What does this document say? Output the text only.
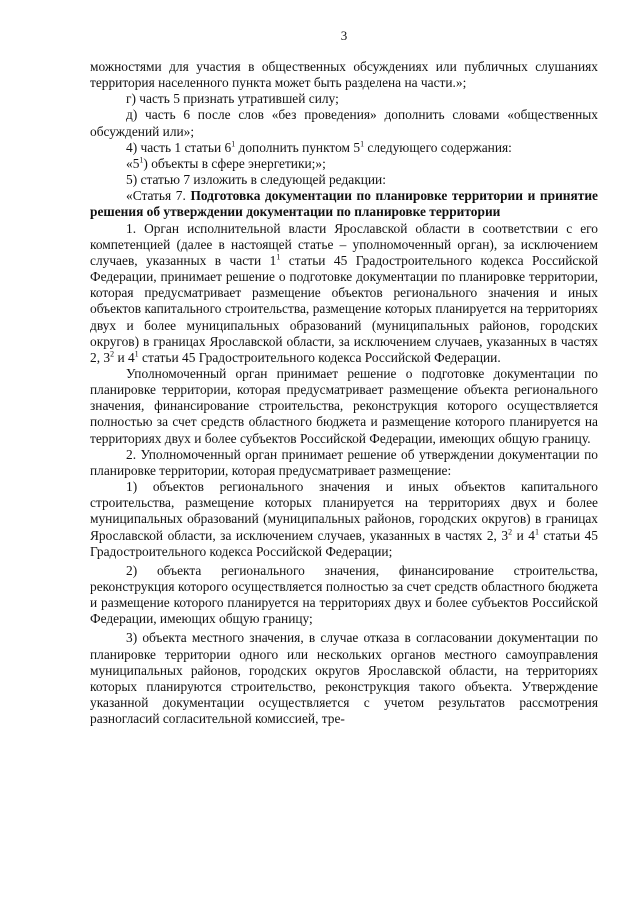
3

можностями для участия в общественных обсуждениях или публичных слушаниях территория населенного пункта может быть разделена на части.»;

г) часть 5 признать утратившей силу;

д) часть 6 после слов «без проведения» дополнить словами «общественных обсуждений или»;

4) часть 1 статьи $6^1$ дополнить пунктом $5^1$ следующего содержания:

«$5^1$) объекты в сфере энергетики;»;

5) статью 7 изложить в следующей редакции:

«Статья 7. Подготовка документации по планировке территории и принятие решения об утверждении документации по планировке территории

1. Орган исполнительной власти Ярославской области в соответствии с его компетенцией (далее в настоящей статье – уполномоченный орган), за исключением случаев, указанных в части $1^1$ статьи 45 Градостроительного кодекса Российской Федерации, принимает решение о подготовке документации по планировке территории, которая предусматривает размещение объектов регионального значения и иных объектов капитального строительства, размещение которых планируется на территориях двух и более муниципальных образований (муниципальных районов, городских округов) в границах Ярославской области, за исключением случаев, указанных в частях 2, $3^2$ и $4^1$ статьи 45 Градостроительного кодекса Российской Федерации.

Уполномоченный орган принимает решение о подготовке документации по планировке территории, которая предусматривает размещение объекта регионального значения, финансирование строительства, реконструкция которого осуществляется полностью за счет средств областного бюджета и размещение которого планируется на территориях двух и более субъектов Российской Федерации, имеющих общую границу.

2. Уполномоченный орган принимает решение об утверждении документации по планировке территории, которая предусматривает размещение:

1) объектов регионального значения и иных объектов капитального строительства, размещение которых планируется на территориях двух и более муниципальных образований (муниципальных районов, городских округов) в границах Ярославской области, за исключением случаев, указанных в частях 2, $3^2$ и $4^1$ статьи 45 Градостроительного кодекса Российской Федерации;

2) объекта регионального значения, финансирование строительства, реконструкция которого осуществляется полностью за счет средств областного бюджета и размещение которого планируется на территориях двух и более субъектов Российской Федерации, имеющих общую границу;

3) объекта местного значения, в случае отказа в согласовании документации по планировке территории одного или нескольких органов местного самоуправления муниципальных районов, городских округов Ярославской области, на территориях которых планируются строительство, реконструкция такого объекта. Утверждение указанной документации осуществляется с учетом результатов рассмотрения разногласий согласительной комиссией, тре-
